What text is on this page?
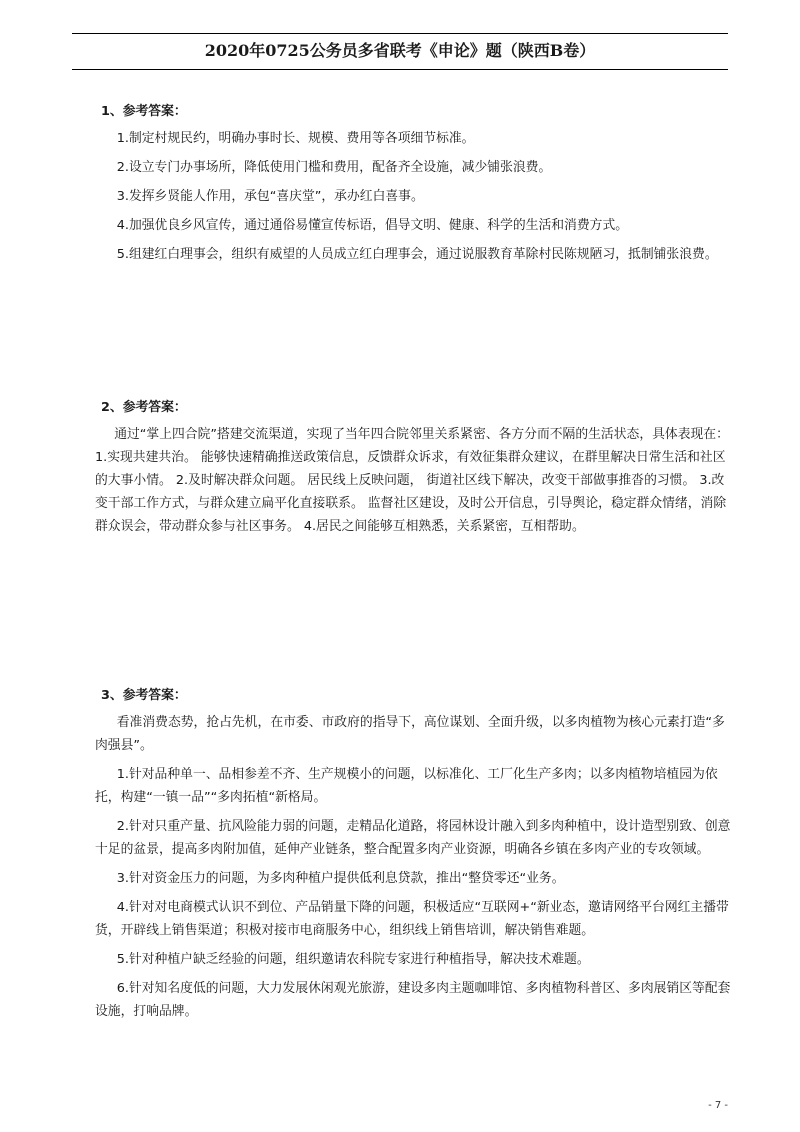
2020年0725公务员多省联考《申论》题（陕西B卷）
1、参考答案：

1.制定村规民约，明确办事时长、规模、费用等各项细节标准。

2.设立专门办事场所，降低使用门槛和费用，配备齐全设施，减少铺张浪费。

3.发挥乡贤能人作用，承包“喜庆堂”，承办红白喜事。

4.加强优良乡风宣传，通过通俗易懂宣传标语，倡导文明、健康、科学的生活和消费方式。

5.组建红白理事会，组织有威望的人员成立红白理事会，通过说服教育革除村民陈规陋习，抵制铺张浪费。

2、参考答案：

通过“掌上四合院”搭建交流渠道，实现了当年四合院邻里关系紧密、各方分而不隔的生活状态，具体表现在：1.实现共建共治。 能够快速精确推送政策信息，反馈群众诉求，有效征集群众建议，在群里解决日常生活和社区的大事小情。 2.及时解决群众问题。 居民线上反映问题， 街道社区线下解决，改变干部做事推沓的习惯。 3.改变干部工作方式，与群众建立扁平化直接联系。 监督社区建设，及时公开信息，引导舆论，稳定群众情绪，消除群众误会，带动群众参与社区事务。 4.居民之间能够互相熟悉，关系紧密，互相帮助。

3、参考答案：

看准消费态势，抢占先机，在市委、市政府的指导下，高位谋划、全面升级，以多肉植物为核心元素打造“多肉强县”。

1.针对品种单一、品相参差不齐、生产规模小的问题，以标准化、工厂化生产多肉；以多肉植物培植园为依托，构建“一镇一品”“多肉拓植“新格局。

2.针对只重产量、抗风险能力弱的问题，走精品化道路，将园林设计融入到多肉种植中，设计造型别致、创意十足的盆景，提高多肉附加值，延伸产业链条，整合配置多肉产业资源，明确各乡镇在多肉产业的专攻领域。

3.针对资金压力的问题，为多肉种植户提供低利息贷款，推出“整贷零还“业务。

4.针对对电商模式认识不到位、产品销量下降的问题，积极适应“互联网+“新业态，邀请网络平台网红主播带货，开辟线上销售渠道；积极对接市电商服务中心，组织线上销售培训，解决销售难题。

5.针对种植户缺乏经验的问题，组织邀请农科院专家进行种植指导，解决技术难题。

6.针对知名度低的问题，大力发展休闲观光旅游，建设多肉主题咖啡馆、多肉植物科普区、多肉展销区等配套设施，打响品牌。

- 7 -
